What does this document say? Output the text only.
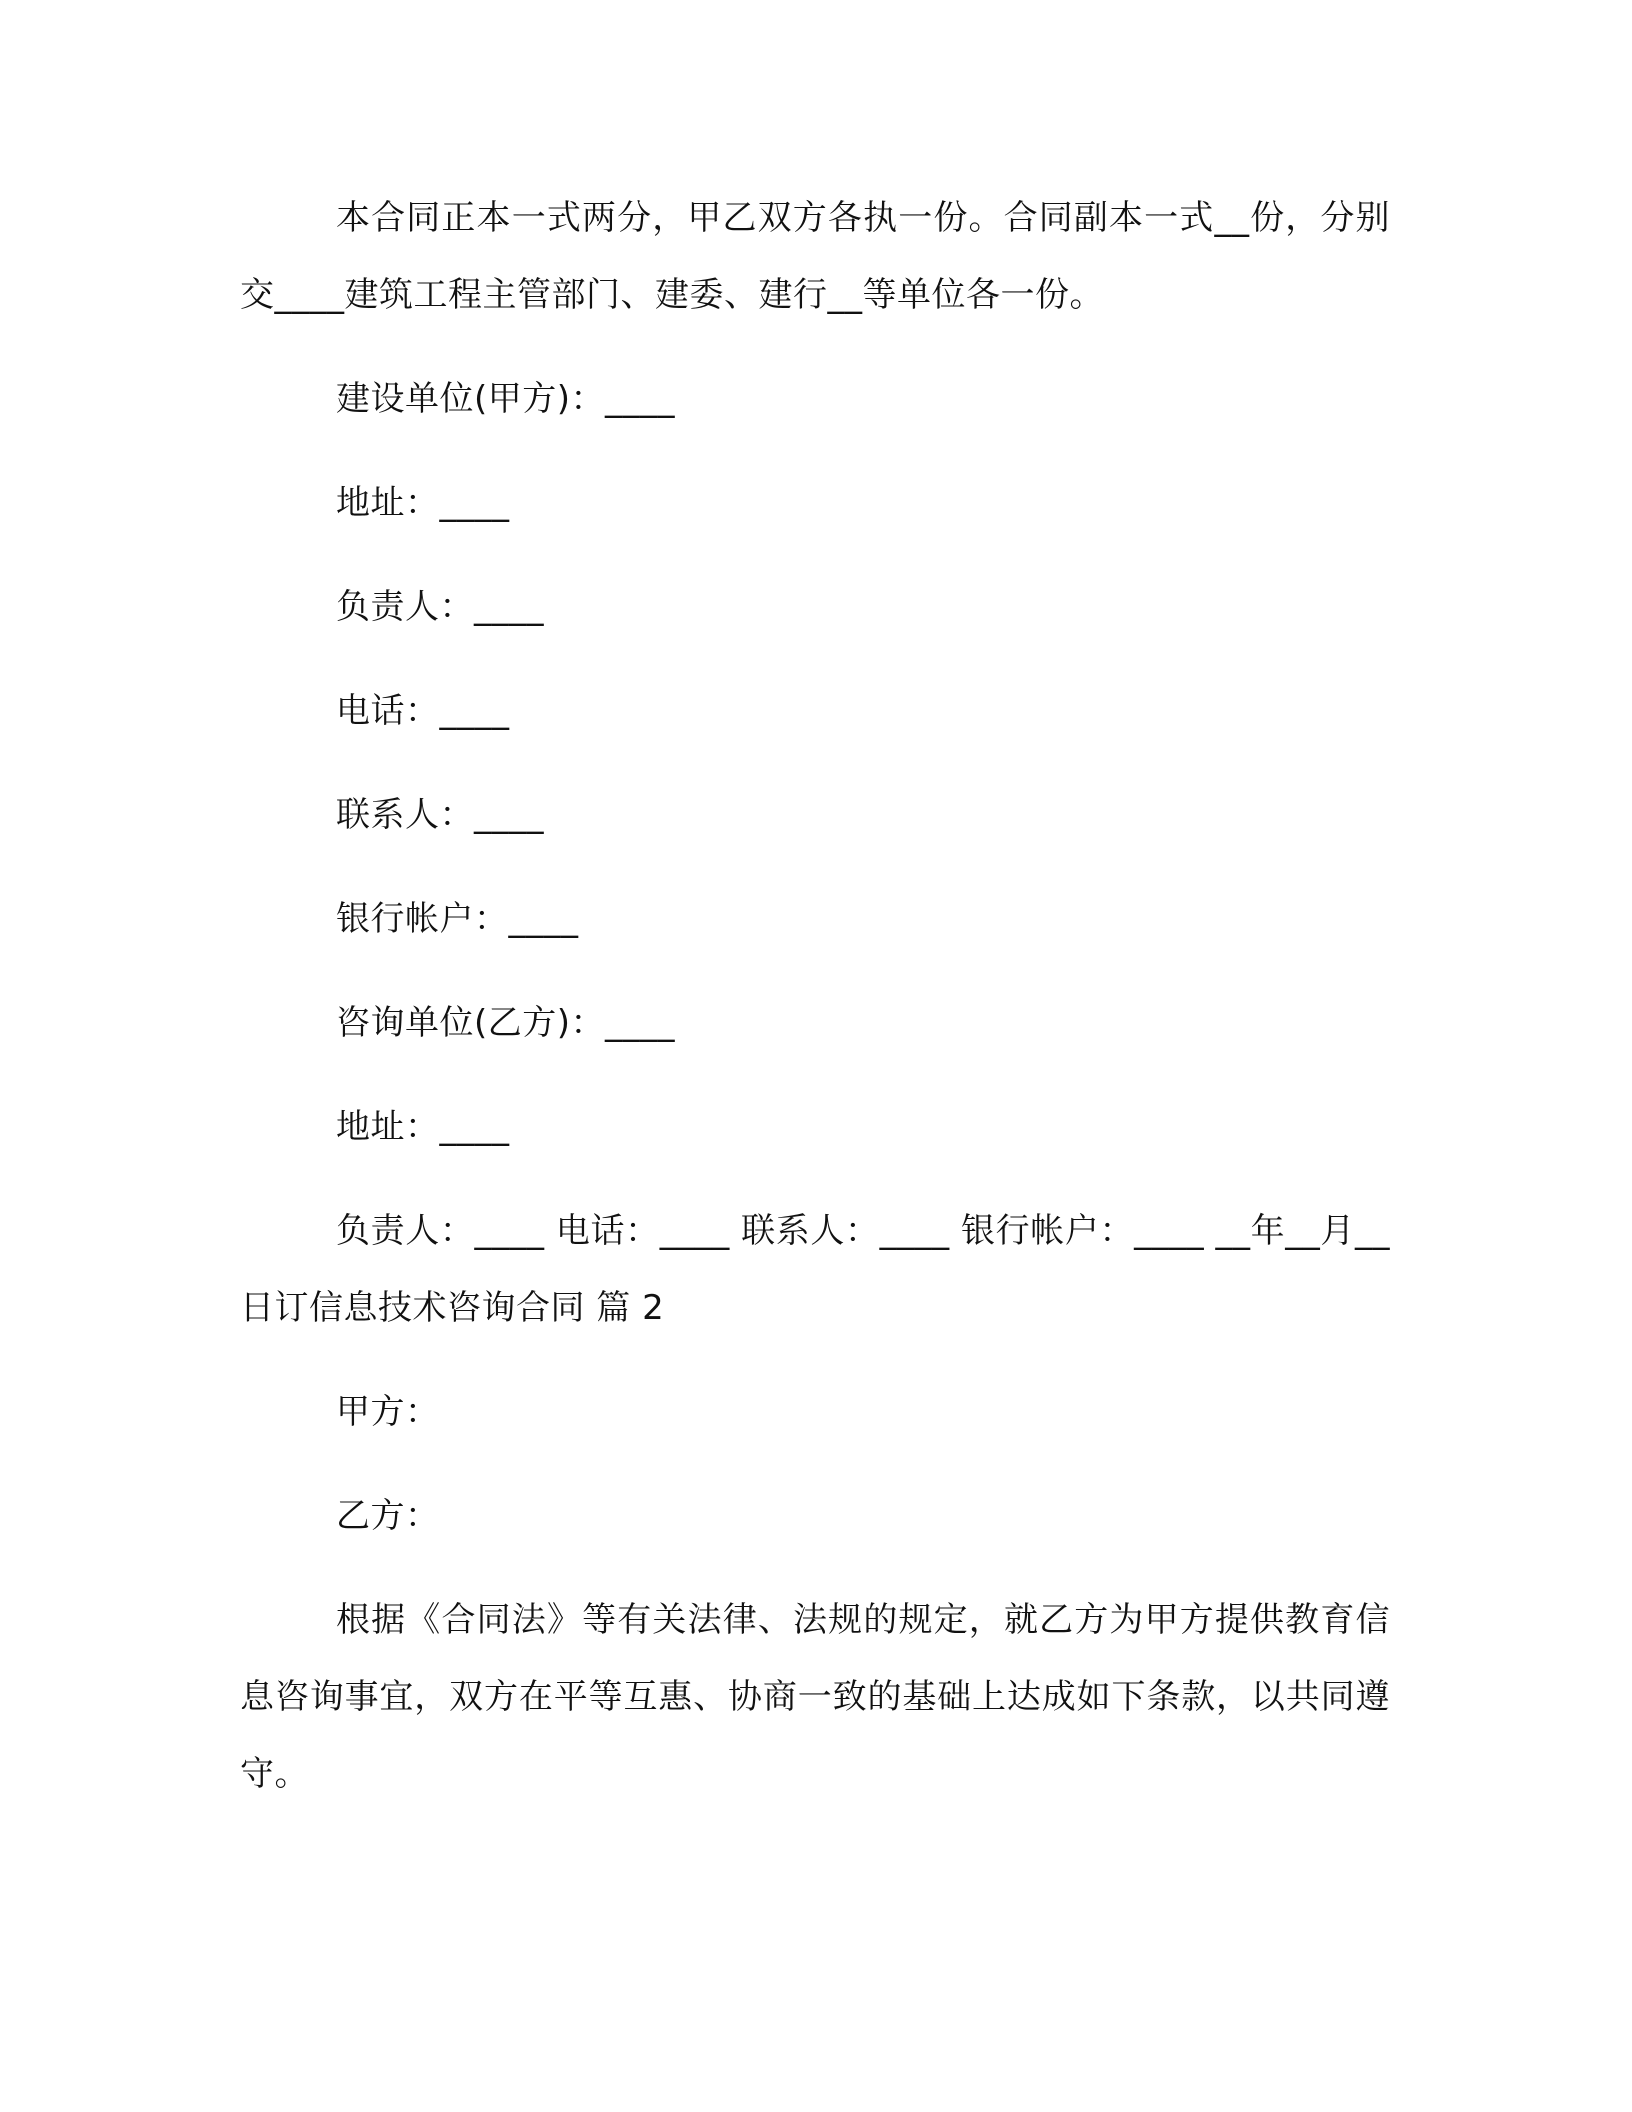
本合同正本一式两分，甲乙双方各执一份。合同副本一式__份，分别交____建筑工程主管部门、建委、建行__等单位各一份。

建设单位(甲方)：____

地址：____

负责人：____

电话：____

联系人：____

银行帐户：____

咨询单位(乙方)：____

地址：____

负责人：____ 电话：____ 联系人：____ 银行帐户：____ __年__月__日订信息技术咨询合同 篇 2

甲方：

乙方：

根据《合同法》等有关法律、法规的规定，就乙方为甲方提供教育信息咨询事宜，双方在平等互惠、协商一致的基础上达成如下条款，以共同遵守。
